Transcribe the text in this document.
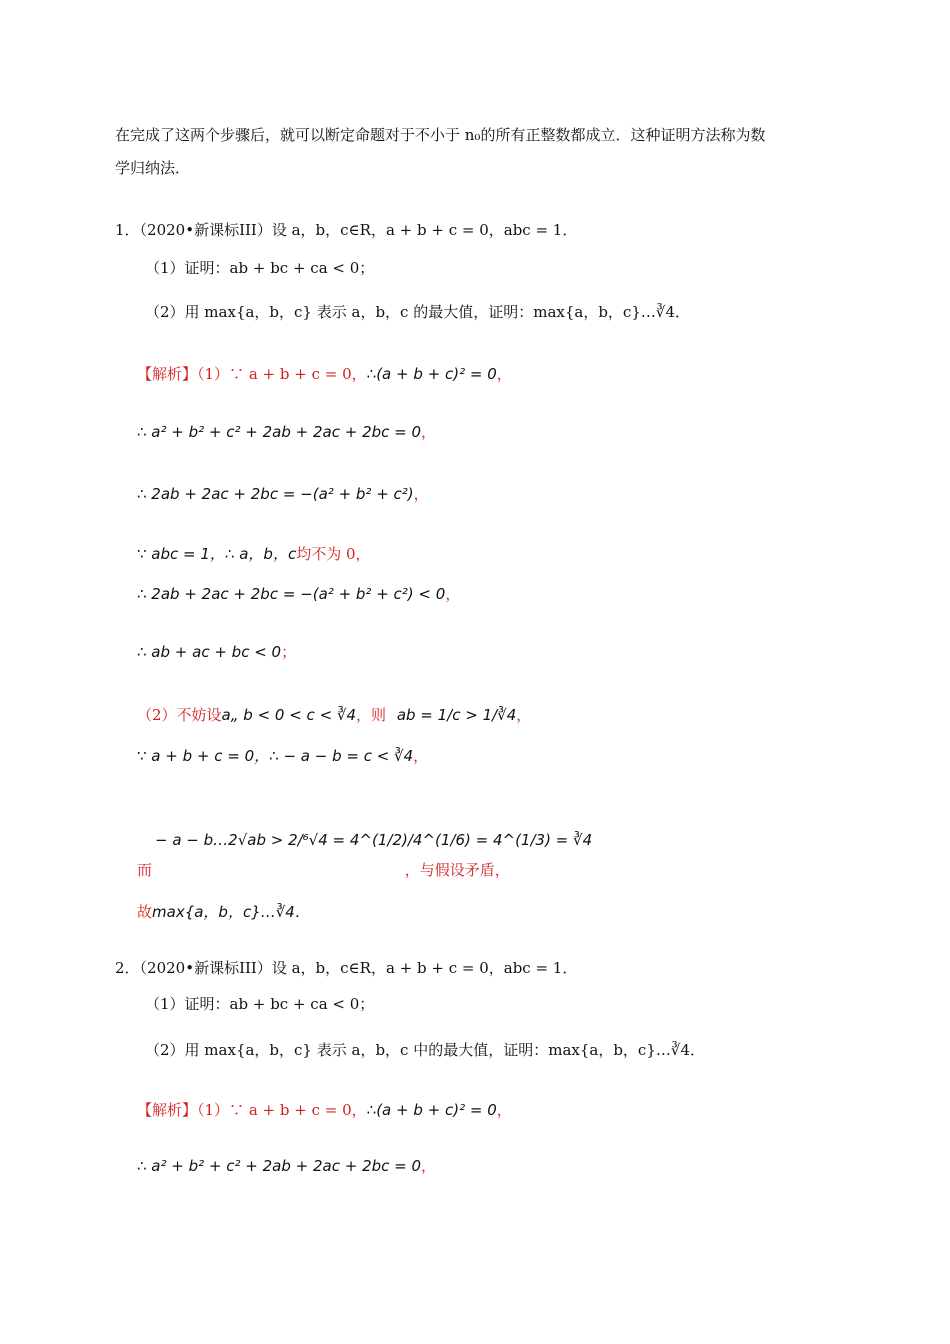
在完成了这两个步骤后，就可以断定命题对于不小于 n₀的所有正整数都成立．这种证明方法称为数
学归纳法．
1．（2020•新课标III）设 a，b，c∈R，a + b + c = 0，abc = 1．
（1）证明：ab + bc + ca < 0；
（2）用 max{a，b，c} 表示 a，b，c 的最大值，证明：max{a，b，c}…∛4．
【解析】（1）∵ a + b + c = 0，∴(a + b + c)² = 0，
∴ a² + b² + c² + 2ab + 2ac + 2bc = 0，
∴ 2ab + 2ac + 2bc = −(a² + b² + c²)，
∵ abc = 1，∴ a，b，c均不为 0，
∴ 2ab + 2ac + 2bc = −(a² + b² + c²) < 0，
∴ ab + ac + bc < 0；
（2）不妨设a„ b < 0 < c < ∛4，则 ab = 1/c > 1/∛4，
∵ a + b + c = 0，∴ − a − b = c < ∛4，
− a − b…2√ab > 2/⁶√4 = 4^(1/2)/4^(1/6) = 4^(1/3) = ∛4
而	，与假设矛盾，
故max{a，b，c}…∛4．
2．（2020•新课标III）设 a，b，c∈R，a + b + c = 0，abc = 1．
（1）证明：ab + bc + ca < 0；
（2）用 max{a，b，c} 表示 a，b，c 中的最大值，证明：max{a，b，c}…∛4．
【解析】（1）∵ a + b + c = 0，∴(a + b + c)² = 0，
∴ a² + b² + c² + 2ab + 2ac + 2bc = 0，
